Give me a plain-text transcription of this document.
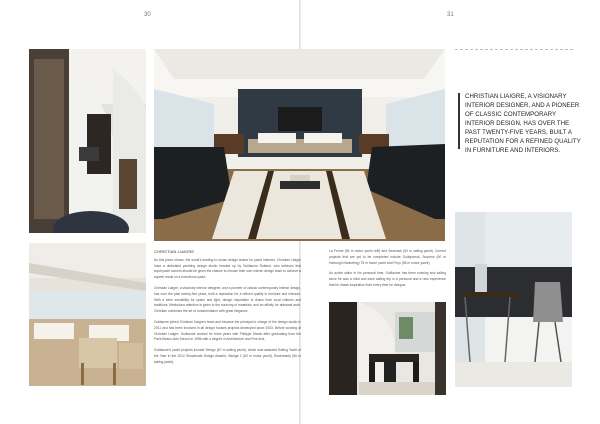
30	31
CHRISTIAN LIAIGRE, A VISIONARY INTERIOR DESIGNER, AND A PIONEER OF CLASSIC CONTEMPORARY INTERIOR DESIGN, HAS OVER THE PAST TWENTY-FIVE YEARS, BUILT A REPUTATION FOR A REFINED QUALITY IN FURNITURE AND INTERIORS.
CHRISTIAN LIAIGRE

As this piece shows, the world's leading in-house design teams for yacht interiors, Christian Liaigre have a dedicated yachting design studio headed up by Guillaume Rolland, who believes that superyacht owners should be given the chance to choose their own interior design team to achieve a superb result on a marvelous yacht.

Christian Liaigre, a visionary interior designer, and a pioneer of classic contemporary interior design, has over the past twenty-five years, built a reputation for a refined quality in furniture and interiors. With a keen sensibility for space and light, design inspiration is drawn from local cultures and traditions. Meticulous attention is given to the sourcing of materials, and an affinity for artisanal work. Christian combines the art of ornamentation with great elegance.

Guillaume joined Christian Liaigre's team and became the principal in charge of the design studio in 2011 and has been involved in all design houses projects developed since 2003. Before working at Christian Liaigre, Guillaume worked for three years with Philippe Starck after graduating from the Paris Beaux-Arts School in 1996 with a degree in Architecture and Fine Arts.

Guillaume's yacht projects include Vertigo (67 m sailing yacht), which was awarded Sailing Yacht of the Year in the 2012 Showboats Design Awards, Wedge 2 (60 m motor yacht), Rosehearty (56 m sailing yacht),

La Ferme (54 m motor yacht refit) and Seahawk (60 m sailing yacht). Current projects that are yet to be completed include Gullsparrok, Surprise (60 m Hartungh Nanneting) 75 m motor yacht and Ferju (58 m motor yacht).

An active sailor in his personal time, Guillaume has been cruising and sailing since he was a child and each sailing trip is a personal and a new experience that he draws inspiration from every time he designs.
